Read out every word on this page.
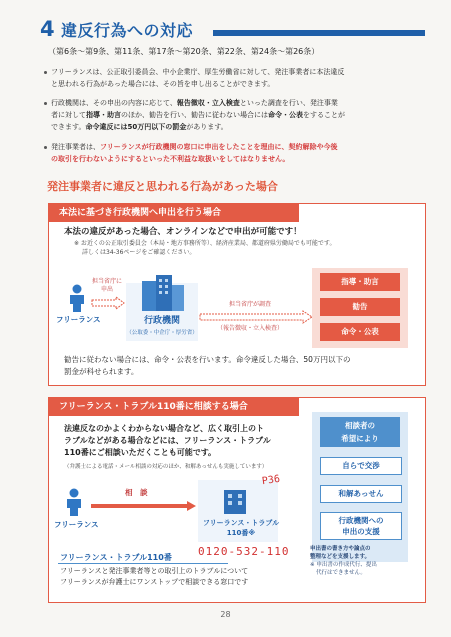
4 違反行為への対応
（第6条～第9条、第11条、第17条～第20条、第22条、第24条～第26条）
フリーランスは、公正取引委員会、中小企業庁、厚生労働省に対して、発注事業者に本法違反
と思われる行為があった場合には、その旨を申し出ることができます。
行政機関は、その申出の内容に応じて、報告徴収・立入検査といった調査を行い、発注事業
者に対して指導・助言のほか、勧告を行い、勧告に従わない場合には命令・公表をすることが
できます。命令違反には50万円以下の罰金があります。
発注事業者は、フリーランスが行政機関の窓口に申出をしたことを理由に、契約解除や今後
の取引を行わないようにするといった不利益な取扱いをしてはなりません。
発注事業者に違反と思われる行為があった場合
本法に基づき行政機関へ申出を行う場合
本法の違反があった場合、オンラインなどで申出が可能です！
※ お近くの公正取引委員会（本局・地方事務所等）、経済産業局、都道府県労働局でも可能です。
詳しくは34-36ページをご確認ください。
フリーランス
担当省庁に申出
行政機関
（公取委・中企庁・厚労省）
担当省庁が調査
（報告徴収・立入検査）
指導・助言
勧告
命令・公表
勧告に従わない場合には、命令・公表を行います。命令違反した場合、50万円以下の
罰金が科せられます。
フリーランス・トラブル110番に相談する場合
法違反なのかよくわからない場合など、広く取引上のト
ラブルなどがある場合などには、フリーランス・トラブル
110番にご相談いただくことも可能です。
（弁護士による電話・メール相談の対応のほか、和解あっせんも実施しています）
フリーランス
相　談
P36
フリーランス・トラブル
110番※
0120-532-110
フリーランス・トラブル110番
フリーランスと発注事業者等との取引上のトラブルについて
フリーランスが弁護士にワンストップで相談できる窓口です
相談者の
希望により
自らで交渉
和解あっせん
行政機関への
申出の支援
申出書の書き方や論点の
整理などを支援します。
※ 申出書の作成代行、提出
代行はできません。
28
